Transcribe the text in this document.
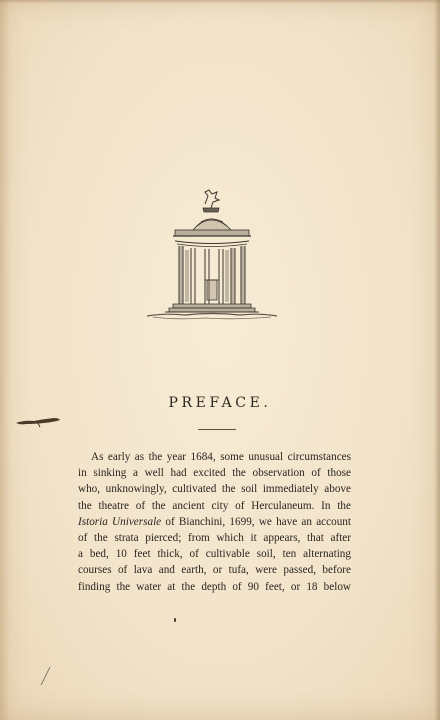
PREFACE.
As early as the year 1684, some unusual circumstances
in sinking a well had excited the observation of those
who, unknowingly, cultivated the soil immediately above
the theatre of the ancient city of Herculaneum. In the
Istoria Universale of Bianchini, 1699, we have an account
of the strata pierced; from which it appears, that after
a bed, 10 feet thick, of cultivable soil, ten alternating
courses of lava and earth, or tufa, were passed, before
finding the water at the depth of 90 feet, or 18 below
